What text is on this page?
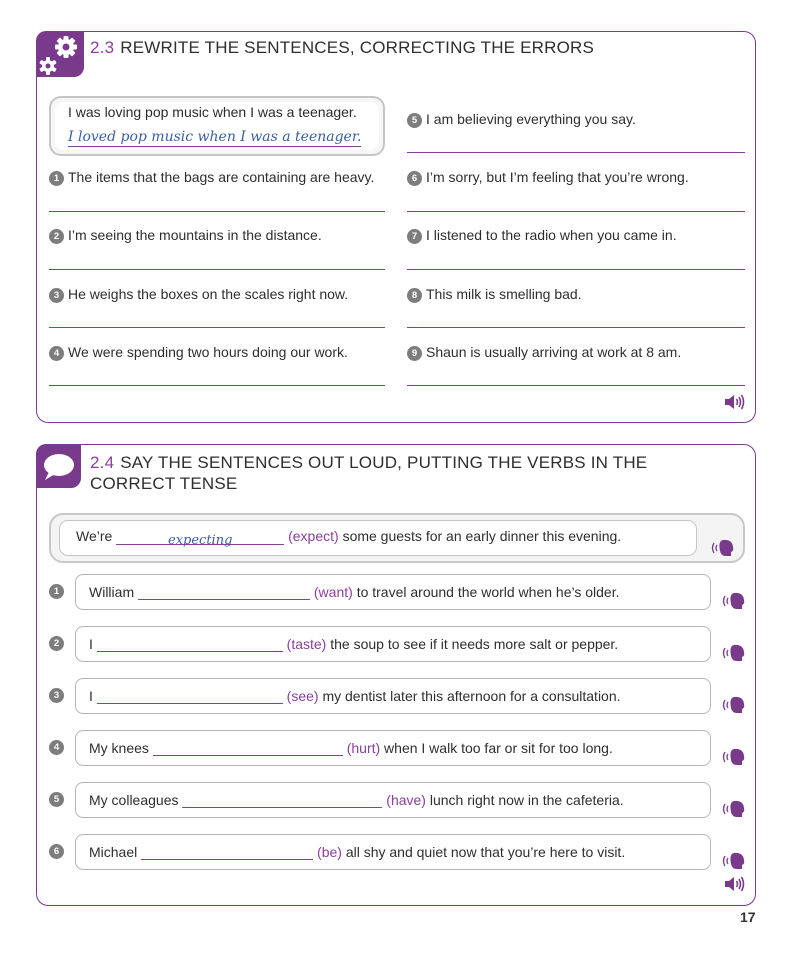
2.3 REWRITE THE SENTENCES, CORRECTING THE ERRORS
I was loving pop music when I was a teenager.
I loved pop music when I was a teenager.
1 The items that the bags are containing are heavy.
2 I’m seeing the mountains in the distance.
3 He weighs the boxes on the scales right now.
4 We were spending two hours doing our work.
5 I am believing everything you say.
6 I’m sorry, but I’m feeling that you’re wrong.
7 I listened to the radio when you came in.
8 This milk is smelling bad.
9 Shaun is usually arriving at work at 8 am.
2.4 SAY THE SENTENCES OUT LOUD, PUTTING THE VERBS IN THE
CORRECT TENSE
We’re	expecting	(expect) some guests for an early dinner this evening.
1	William	(want) to travel around the world when he’s older.
2	I	(taste) the soup to see if it needs more salt or pepper.
3	I	(see) my dentist later this afternoon for a consultation.
4	My knees	(hurt) when I walk too far or sit for too long.
5	My colleagues	(have) lunch right now in the cafeteria.
6	Michael	(be) all shy and quiet now that you’re here to visit.
17
